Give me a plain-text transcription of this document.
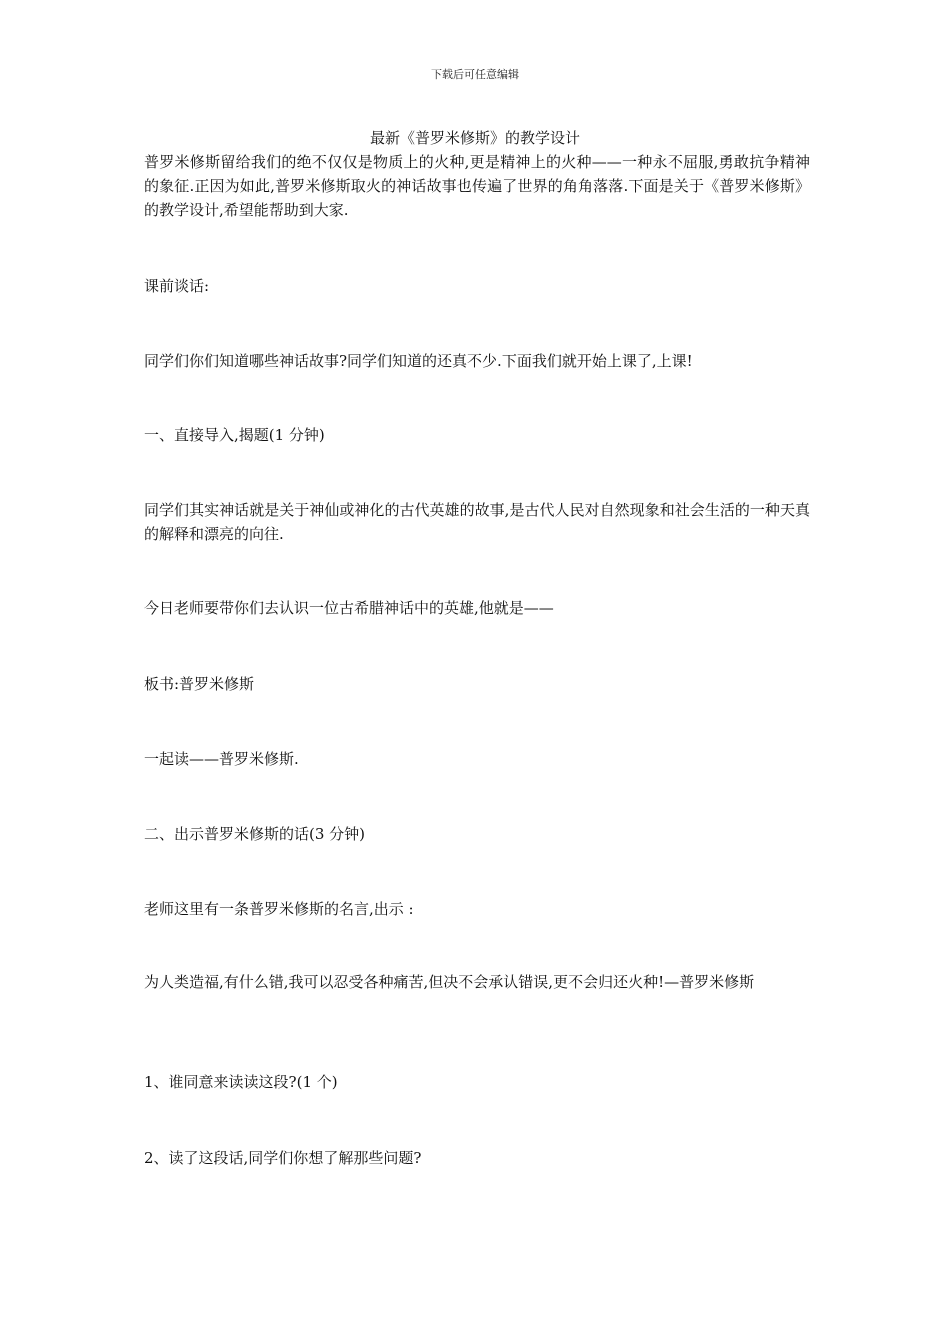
下载后可任意编辑
最新《普罗米修斯》的教学设计

普罗米修斯留给我们的绝不仅仅是物质上的火种,更是精神上的火种——一种永不屈服,勇敢抗争精神的象征.正因为如此,普罗米修斯取火的神话故事也传遍了世界的角角落落.下面是关于《普罗米修斯》的教学设计,希望能帮助到大家.

课前谈话:

同学们你们知道哪些神话故事?同学们知道的还真不少.下面我们就开始上课了,上课!

一、直接导入,揭题(1 分钟)

同学们其实神话就是关于神仙或神化的古代英雄的故事,是古代人民对自然现象和社会生活的一种天真的解释和漂亮的向往.

今日老师要带你们去认识一位古希腊神话中的英雄,他就是——

板书:普罗米修斯

一起读——普罗米修斯.

二、出示普罗米修斯的话(3 分钟)

老师这里有一条普罗米修斯的名言,出示 :

为人类造福,有什么错,我可以忍受各种痛苦,但决不会承认错误,更不会归还火种!—普罗米修斯

1、谁同意来读读这段?(1 个)

2、读了这段话,同学们你想了解那些问题?
